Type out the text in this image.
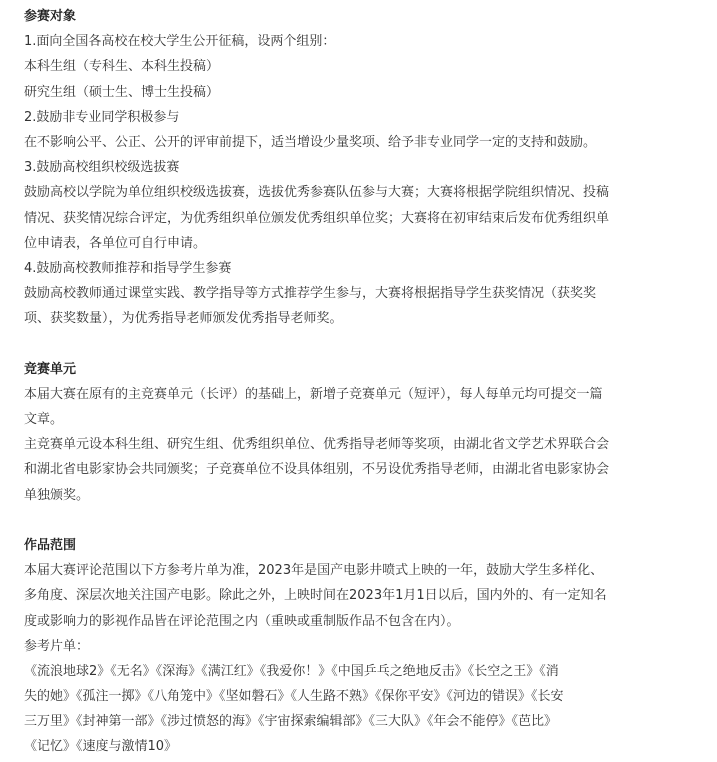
参赛对象
1.面向全国各高校在校大学生公开征稿，设两个组别：
本科生组（专科生、本科生投稿）
研究生组（硕士生、博士生投稿）
2.鼓励非专业同学积极参与
在不影响公平、公正、公开的评审前提下，适当增设少量奖项、给予非专业同学一定的支持和鼓励。
3.鼓励高校组织校级选拔赛
鼓励高校以学院为单位组织校级选拔赛，选拔优秀参赛队伍参与大赛；大赛将根据学院组织情况、投稿
情况、获奖情况综合评定，为优秀组织单位颁发优秀组织单位奖；大赛将在初审结束后发布优秀组织单
位申请表，各单位可自行申请。
4.鼓励高校教师推荐和指导学生参赛
鼓励高校教师通过课堂实践、教学指导等方式推荐学生参与，大赛将根据指导学生获奖情况（获奖奖
项、获奖数量），为优秀指导老师颁发优秀指导老师奖。
竞赛单元
本届大赛在原有的主竞赛单元（长评）的基础上，新增子竞赛单元（短评），每人每单元均可提交一篇
文章。
主竞赛单元设本科生组、研究生组、优秀组织单位、优秀指导老师等奖项，由湖北省文学艺术界联合会
和湖北省电影家协会共同颁奖；子竞赛单位不设具体组别，不另设优秀指导老师，由湖北省电影家协会
单独颁奖。
作品范围
本届大赛评论范围以下方参考片单为准，2023年是国产电影井喷式上映的一年，鼓励大学生多样化、
多角度、深层次地关注国产电影。除此之外，上映时间在2023年1月1日以后，国内外的、有一定知名
度或影响力的影视作品皆在评论范围之内（重映或重制版作品不包含在内）。
参考片单：
《流浪地球2》《无名》《深海》《满江红》《我爱你！》《中国乒乓之绝地反击》《长空之王》《消
失的她》《孤注一掷》《八角笼中》《坚如磐石》《人生路不熟》《保你平安》《河边的错误》《长安
三万里》《封神第一部》《涉过愤怒的海》《宇宙探索编辑部》《三大队》《年会不能停》《芭比》
《记忆》《速度与激情10》
